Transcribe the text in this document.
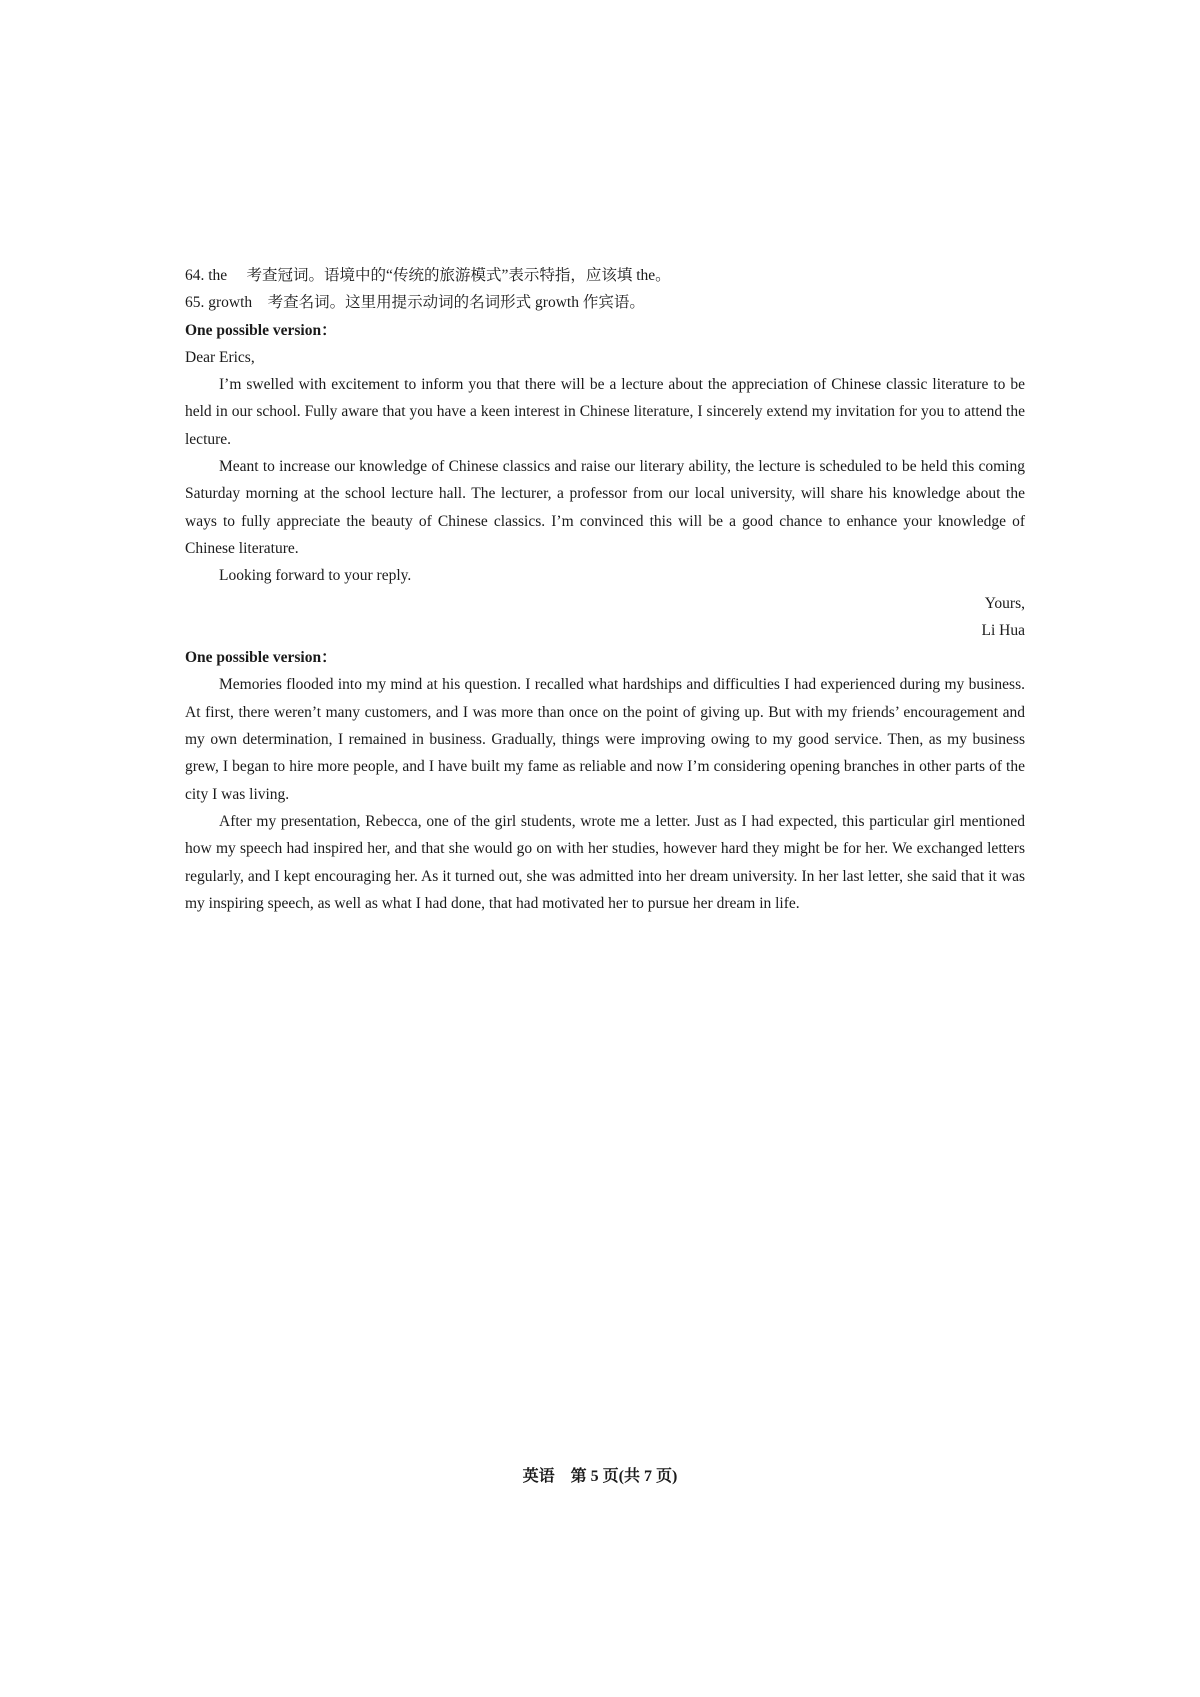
64. the　 考查冠词。语境中的“传统的旅游模式”表示特指，应该填 the。

65. growth　考查名词。这里用提示动词的名词形式 growth 作宾语。

One possible version：

Dear Erics,

I’m swelled with excitement to inform you that there will be a lecture about the appreciation of Chinese classic literature to be held in our school. Fully aware that you have a keen interest in Chinese literature, I sincerely extend my invitation for you to attend the lecture.

Meant to increase our knowledge of Chinese classics and raise our literary ability, the lecture is scheduled to be held this coming Saturday morning at the school lecture hall. The lecturer, a professor from our local university, will share his knowledge about the ways to fully appreciate the beauty of Chinese classics. I’m convinced this will be a good chance to enhance your knowledge of Chinese literature.

Looking forward to your reply.

Yours,

Li Hua

One possible version：

Memories flooded into my mind at his question. I recalled what hardships and difficulties I had experienced during my business. At first, there weren’t many customers, and I was more than once on the point of giving up. But with my friends’ encouragement and my own determination, I remained in business. Gradually, things were improving owing to my good service. Then, as my business grew, I began to hire more people, and I have built my fame as reliable and now I’m considering opening branches in other parts of the city I was living.

After my presentation, Rebecca, one of the girl students, wrote me a letter. Just as I had expected, this particular girl mentioned how my speech had inspired her, and that she would go on with her studies, however hard they might be for her. We exchanged letters regularly, and I kept encouraging her. As it turned out, she was admitted into her dream university. In her last letter, she said that it was my inspiring speech, as well as what I had done, that had motivated her to pursue her dream in life.

英语　第 5 页(共 7 页)
